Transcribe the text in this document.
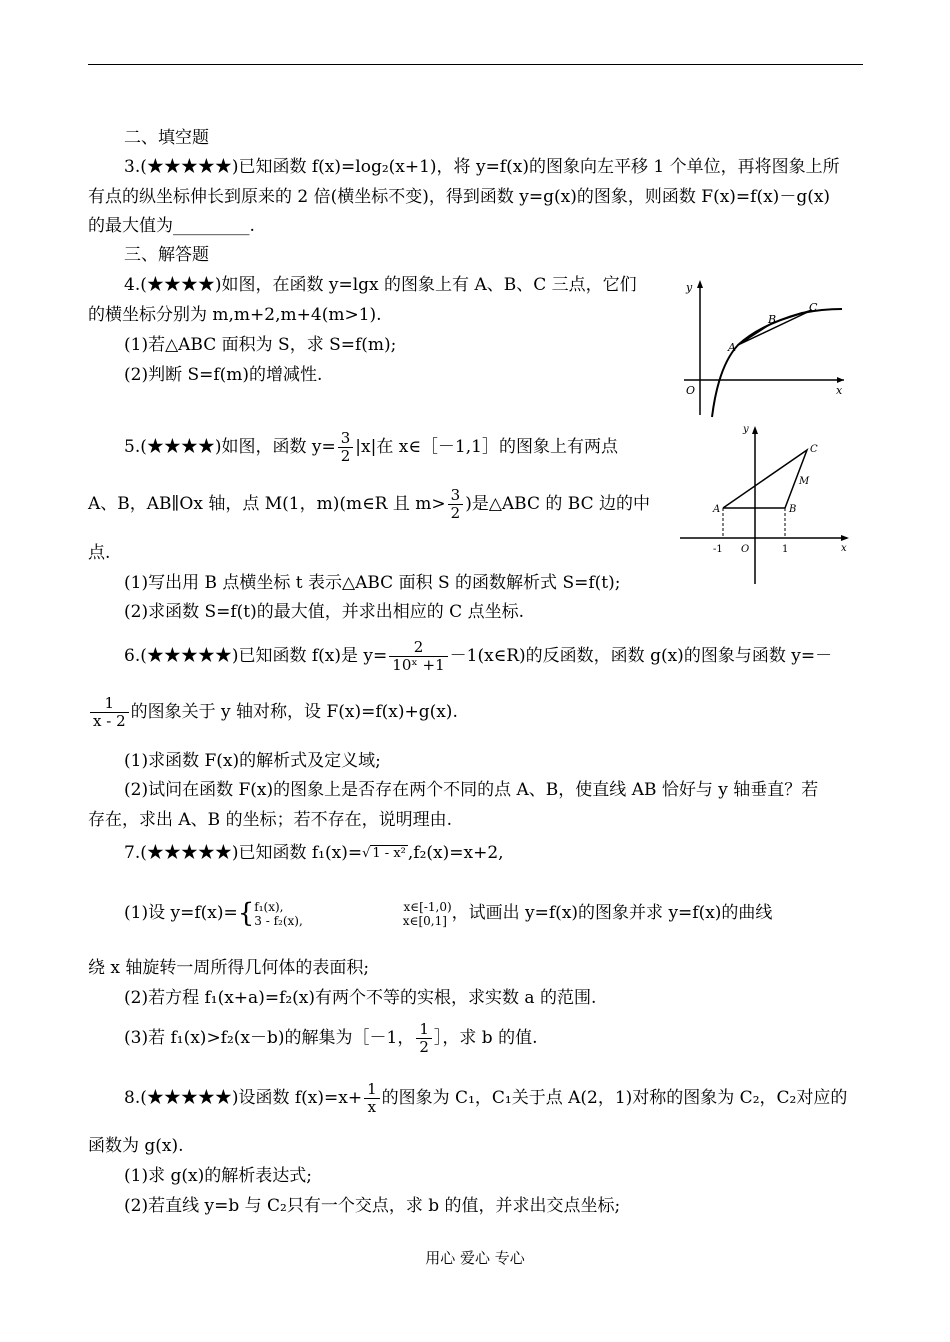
二、填空题
3.(★★★★★)已知函数 f(x)=log₂(x+1)，将 y=f(x)的图象向左平移 1 个单位，再将图象上所
有点的纵坐标伸长到原来的 2 倍(横坐标不变)，得到函数 y=g(x)的图象，则函数 F(x)=f(x)－g(x)
的最大值为_________.
三、解答题
4.(★★★★)如图，在函数 y=lgx 的图象上有 A、B、C 三点，它们
的横坐标分别为 m,m+2,m+4(m>1).
(1)若△ABC 面积为 S，求 S=f(m);
(2)判断 S=f(m)的增减性.
y
x
O
A
B
C
5.(★★★★)如图，函数 $y= \frac{3}{2} |x|$在 x∈［－1,1］的图象上有两点
A、B，AB∥Ox 轴，点 M(1，m)(m∈R 且 $m> \frac{3}{2}$ )是△ABC 的 BC 边的中
点.
(1)写出用 B 点横坐标 t 表示△ABC 面积 S 的函数解析式 S=f(t);
(2)求函数 S=f(t)的最大值，并求出相应的 C 点坐标.
y
x
O
-1	1
A	B
C
M
6.(★★★★★)已知函数 f(x)是 $y= \frac{2}{\text{10ˣ +1}}$ －1(x∈R)的反函数，函数 g(x)的图象与函数 y=－
$\frac{1}{x - 2}$ 的图象关于 y 轴对称，设 F(x)=f(x)+g(x).
(1)求函数 F(x)的解析式及定义域;
(2)试问在函数 F(x)的图象上是否存在两个不同的点 A、B，使直线 AB 恰好与 y 轴垂直？若
存在，求出 A、B 的坐标；若不存在，说明理由.
7.(★★★★★)已知函数 f₁(x)=√ 1 - x² ,f₂(x)=x+2,
(1)设 y=f(x)={ f₁(x),	x∈[-1,0)
3 - f₂(x),	x∈[0,1] ，试画出 y=f(x)的图象并求 y=f(x)的曲线
绕 x 轴旋转一周所得几何体的表面积;
(2)若方程 f₁(x+a)=f₂(x)有两个不等的实根，求实数 a 的范围.
(3)若 f₁(x)>f₂(x－b)的解集为［－1， $\frac{1}{2}$ ］，求 b 的值.
8.(★★★★★)设函数 $f(x)=x+ \frac{1}{x}$ 的图象为 C₁，C₁关于点 A(2，1)对称的图象为 C₂，C₂对应的
函数为 g(x).
(1)求 g(x)的解析表达式;
(2)若直线 y=b 与 C₂只有一个交点，求 b 的值，并求出交点坐标;
用心 爱心 专心
